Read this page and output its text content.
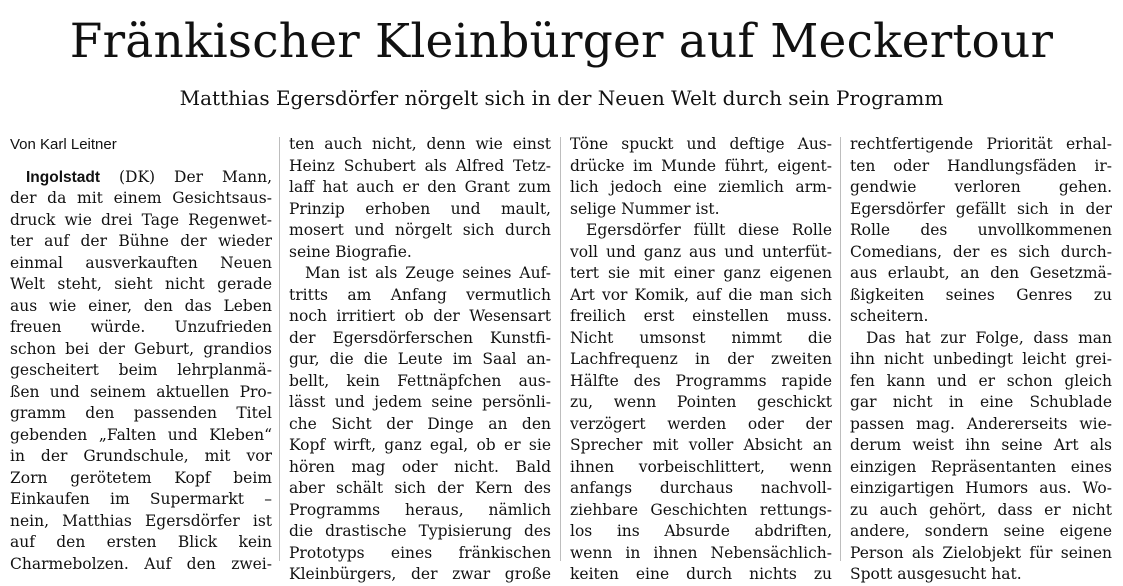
Fränkischer Kleinbürger auf Meckertour
Matthias Egersdörfer nörgelt sich in der Neuen Welt durch sein Programm
Von Karl Leitner
Ingolstadt (DK) Der Mann,
der da mit einem Gesichtsaus-
druck wie drei Tage Regenwet-
ter auf der Bühne der wieder
einmal ausverkauften Neuen
Welt steht, sieht nicht gerade
aus wie einer, den das Leben
freuen würde. Unzufrieden
schon bei der Geburt, grandios
gescheitert beim lehrplanmä-
ßen und seinem aktuellen Pro-
gramm den passenden Titel
gebenden „Falten und Kleben“
in der Grundschule, mit vor
Zorn gerötetem Kopf beim
Einkaufen im Supermarkt –
nein, Matthias Egersdörfer ist
auf den ersten Blick kein
Charmebolzen. Auf den zwei-
ten auch nicht, denn wie einst
Heinz Schubert als Alfred Tetz-
laff hat auch er den Grant zum
Prinzip erhoben und mault,
mosert und nörgelt sich durch
seine Biografie.
Man ist als Zeuge seines Auf-
tritts am Anfang vermutlich
noch irritiert ob der Wesensart
der Egersdörferschen Kunstfi-
gur, die die Leute im Saal an-
bellt, kein Fettnäpfchen aus-
lässt und jedem seine persönli-
che Sicht der Dinge an den
Kopf wirft, ganz egal, ob er sie
hören mag oder nicht. Bald
aber schält sich der Kern des
Programms heraus, nämlich
die drastische Typisierung des
Prototyps eines fränkischen
Kleinbürgers, der zwar große
Töne spuckt und deftige Aus-
drücke im Munde führt, eigent-
lich jedoch eine ziemlich arm-
selige Nummer ist.
Egersdörfer füllt diese Rolle
voll und ganz aus und unterfüt-
tert sie mit einer ganz eigenen
Art vor Komik, auf die man sich
freilich erst einstellen muss.
Nicht umsonst nimmt die
Lachfrequenz in der zweiten
Hälfte des Programms rapide
zu, wenn Pointen geschickt
verzögert werden oder der
Sprecher mit voller Absicht an
ihnen vorbeischlittert, wenn
anfangs durchaus nachvoll-
ziehbare Geschichten rettungs-
los ins Absurde abdriften,
wenn in ihnen Nebensächlich-
keiten eine durch nichts zu
rechtfertigende Priorität erhal-
ten oder Handlungsfäden ir-
gendwie verloren gehen.
Egersdörfer gefällt sich in der
Rolle des unvollkommenen
Comedians, der es sich durch-
aus erlaubt, an den Gesetzmä-
ßigkeiten seines Genres zu
scheitern.
Das hat zur Folge, dass man
ihn nicht unbedingt leicht grei-
fen kann und er schon gleich
gar nicht in eine Schublade
passen mag. Andererseits wie-
derum weist ihn seine Art als
einzigen Repräsentanten eines
einzigartigen Humors aus. Wo-
zu auch gehört, dass er nicht
andere, sondern seine eigene
Person als Zielobjekt für seinen
Spott ausgesucht hat.
